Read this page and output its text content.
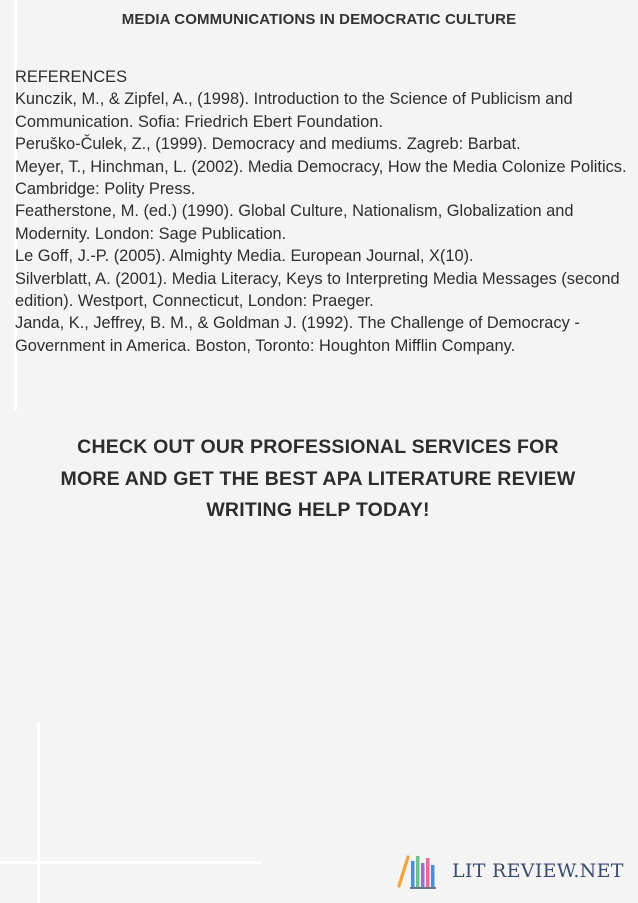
MEDIA COMMUNICATIONS IN DEMOCRATIC CULTURE
REFERENCES
Kunczik, M., & Zipfel, A., (1998). Introduction to the Science of Publicism and Communication. Sofia: Friedrich Ebert Foundation.
Peruško-Čulek, Z., (1999). Democracy and mediums. Zagreb: Barbat.
Meyer, T., Hinchman, L. (2002). Media Democracy, How the Media Colonize Politics. Cambridge: Polity Press.
Featherstone, M. (ed.) (1990). Global Culture, Nationalism, Globalization and Modernity. London: Sage Publication.
Le Goff, J.-P. (2005). Almighty Media. European Journal, X(10).
Silverblatt, A. (2001). Media Literacy, Keys to Interpreting Media Messages (second edition). Westport, Connecticut, London: Praeger.
Janda, K., Jeffrey, B. M., & Goldman J. (1992). The Challenge of Democracy - Government in America. Boston, Toronto: Houghton Mifflin Company.
CHECK OUT OUR PROFESSIONAL SERVICES FOR
MORE AND GET THE BEST APA LITERATURE REVIEW
WRITING HELP TODAY!
LIT REVIEW.NET
